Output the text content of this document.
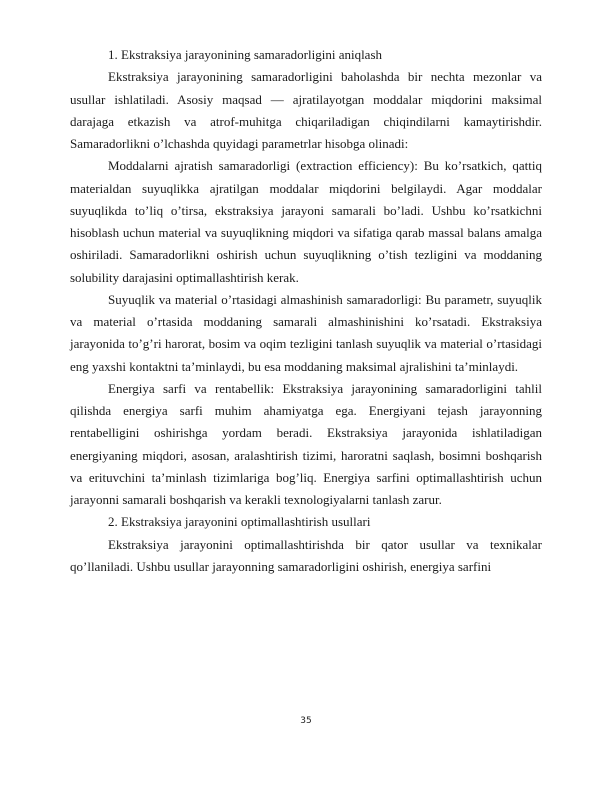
1. Ekstraksiya jarayonining samaradorligini aniqlash

Ekstraksiya jarayonining samaradorligini baholashda bir nechta mezonlar va usullar ishlatiladi. Asosiy maqsad — ajratilayotgan moddalar miqdorini maksimal darajaga etkazish va atrof-muhitga chiqariladigan chiqindilarni kamaytirishdir. Samaradorlikni o’lchashda quyidagi parametrlar hisobga olinadi:

Moddalarni ajratish samaradorligi (extraction efficiency): Bu ko’rsatkich, qattiq materialdan suyuqlikka ajratilgan moddalar miqdorini belgilaydi. Agar moddalar suyuqlikda to’liq o’tirsa, ekstraksiya jarayoni samarali bo’ladi. Ushbu ko’rsatkichni hisoblash uchun material va suyuqlikning miqdori va sifatiga qarab massal balans amalga oshiriladi. Samaradorlikni oshirish uchun suyuqlikning o’tish tezligini va moddaning solubility darajasini optimallashtirish kerak.

Suyuqlik va material o’rtasidagi almashinish samaradorligi: Bu parametr, suyuqlik va material o’rtasida moddaning samarali almashinishini ko’rsatadi. Ekstraksiya jarayonida to’g’ri harorat, bosim va oqim tezligini tanlash suyuqlik va material o’rtasidagi eng yaxshi kontaktni ta’minlaydi, bu esa moddaning maksimal ajralishini ta’minlaydi.

Energiya sarfi va rentabellik: Ekstraksiya jarayonining samaradorligini tahlil qilishda energiya sarfi muhim ahamiyatga ega. Energiyani tejash jarayonning rentabelligini oshirishga yordam beradi. Ekstraksiya jarayonida ishlatiladigan energiyaning miqdori, asosan, aralashtirish tizimi, haroratni saqlash, bosimni boshqarish va erituvchini ta’minlash tizimlariga bog’liq. Energiya sarfini optimallashtirish uchun jarayonni samarali boshqarish va kerakli texnologiyalarni tanlash zarur.

2. Ekstraksiya jarayonini optimallashtirish usullari

Ekstraksiya jarayonini optimallashtirishda bir qator usullar va texnikalar qo’llaniladi. Ushbu usullar jarayonning samaradorligini oshirish, energiya sarfini

35
